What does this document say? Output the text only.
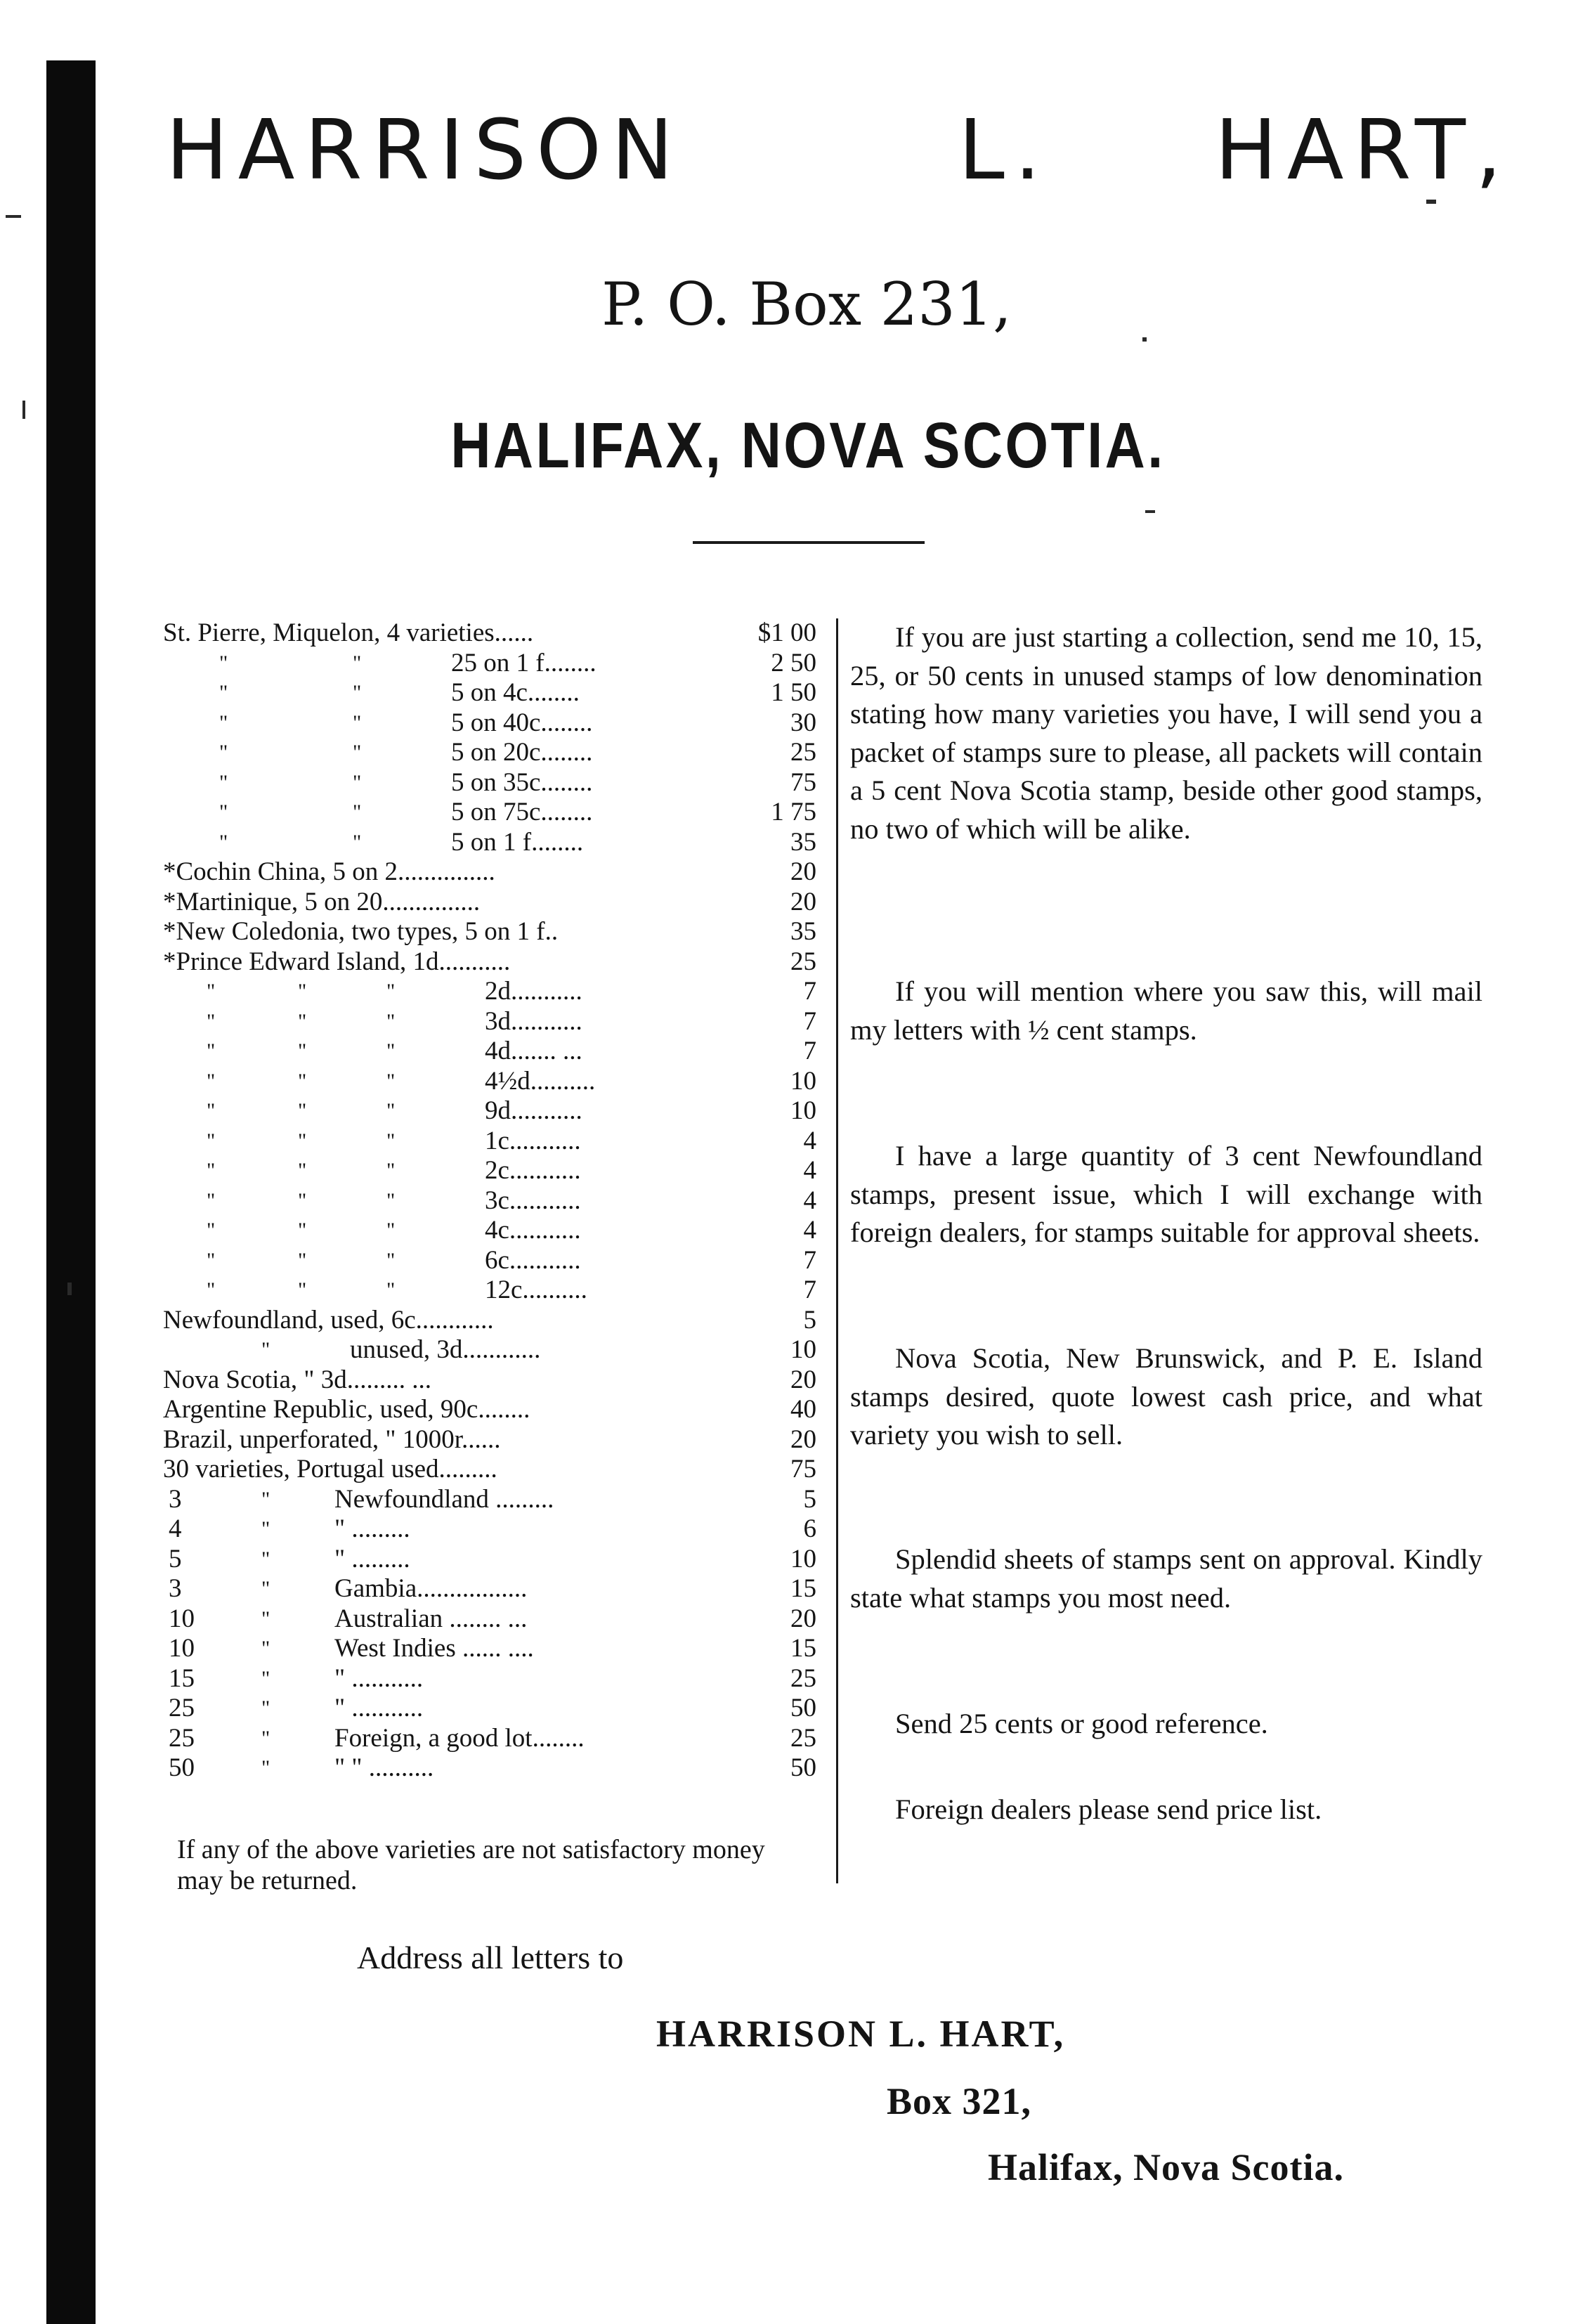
HARRISON	L. HART,
P. O. Box 231,
HALIFAX, NOVA SCOTIA.
St. Pierre, Miquelon, 4 varieties......	$1 00
"	"	25 on 1 f........	2 50
"	"	5 on 4c........	1 50
"	"	5 on 40c........	30
"	"	5 on 20c........	25
"	"	5 on 35c........	75
"	"	5 on 75c........	1 75
"	"	5 on 1 f........	35
*Cochin China, 5 on 2...............	20
*Martinique, 5 on 20...............	20
*New Coledonia, two types, 5 on 1 f..	35
*Prince Edward Island, 1d...........	25
"	"	"	2d...........	7
"	"	"	3d...........	7
"	"	"	4d....... ...	7
"	"	"	4½d..........	10
"	"	"	9d...........	10
"	"	"	1c...........	4
"	"	"	2c...........	4
"	"	"	3c...........	4
"	"	"	4c...........	4
"	"	"	6c...........	7
"	"	"	12c..........	7
Newfoundland, used, 6c............	5
"	unused, 3d............	10
Nova Scotia, " 3d......... ...	20
Argentine Republic, used, 90c........	40
Brazil, unperforated, " 1000r......	20
30 varieties, Portugal used.........	75
3	" Newfoundland .........	5
4	" " .........	6
5	" " .........	10
3	" Gambia.................	15
10	" Australian ........ ...	20
10	" West Indies ...... ....	15
15	" " ...........	25
25	" " ...........	50
25	" Foreign, a good lot........	25
50	" " " ..........	50
If any of the above varieties are not satisfactory money may be returned.

If you are just starting a collection, send me 10, 15, 25, or 50 cents in unused stamps of low denomination stating how many varieties you have, I will send you a packet of stamps sure to please, all packets will contain a 5 cent Nova Scotia stamp, beside other good stamps, no two of which will be alike.

If you will mention where you saw this, will mail my letters with ½ cent stamps.

I have a large quantity of 3 cent Newfoundland stamps, present issue, which I will exchange with foreign dealers, for stamps suitable for approval sheets.

Nova Scotia, New Brunswick, and P. E. Island stamps desired, quote lowest cash price, and what variety you wish to sell.

Splendid sheets of stamps sent on approval. Kindly state what stamps you most need.

Send 25 cents or good reference.

Foreign dealers please send price list.

Address all letters to
HARRISON L. HART,
Box 321,
Halifax, Nova Scotia.
